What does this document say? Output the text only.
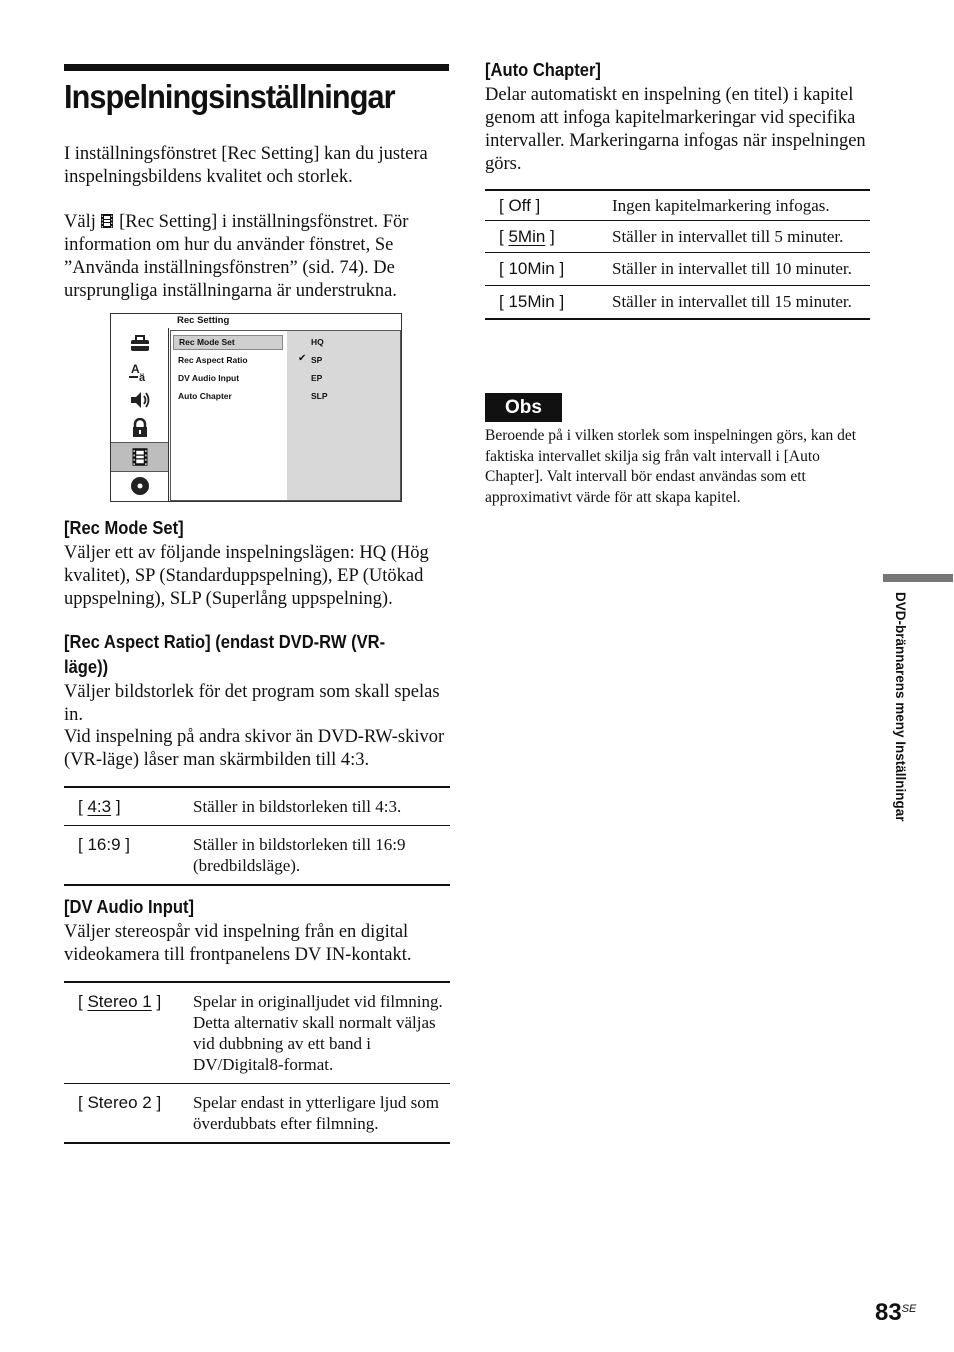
Inspelningsinställningar
I inställningsfönstret [Rec Setting] kan du justera inspelningsbildens kvalitet och storlek.
Välj [Rec Setting] i inställningsfönstret. För information om hur du använder fönstret, Se ”Använda inställningsfönstren” (sid. 74). De ursprungliga inställningarna är understrukna.
Rec Setting
A
ä
Rec Mode Set
Rec Aspect Ratio
DV Audio Input
Auto Chapter
HQ
✔ SP
EP
SLP
[Rec Mode Set]
Väljer ett av följande inspelningslägen: HQ (Hög kvalitet), SP (Standarduppspelning), EP (Utökad uppspelning), SLP (Superlång uppspelning).
[Rec Aspect Ratio] (endast DVD-RW (VR-läge))
Väljer bildstorlek för det program som skall spelas in.
Vid inspelning på andra skivor än DVD-RW-skivor (VR-läge) låser man skärmbilden till 4:3.
[ 4:3 ]	Ställer in bildstorleken till 4:3.
[ 16:9 ]	Ställer in bildstorleken till 16:9 (bredbildsläge).
[DV Audio Input]
Väljer stereospår vid inspelning från en digital videokamera till frontpanelens DV IN-kontakt.
[ Stereo 1 ]	Spelar in originalljudet vid filmning. Detta alternativ skall normalt väljas vid dubbning av ett band i DV/Digital8-format.
[ Stereo 2 ]	Spelar endast in ytterligare ljud som överdubbats efter filmning.
[Auto Chapter]
Delar automatiskt en inspelning (en titel) i kapitel genom att infoga kapitelmarkeringar vid specifika intervaller. Markeringarna infogas när inspelningen görs.
[ Off ]	Ingen kapitelmarkering infogas.
[ 5Min ]	Ställer in intervallet till 5 minuter.
[ 10Min ]	Ställer in intervallet till 10 minuter.
[ 15Min ]	Ställer in intervallet till 15 minuter.
Obs
Beroende på i vilken storlek som inspelningen görs, kan det faktiska intervallet skilja sig från valt intervall i [Auto Chapter]. Valt intervall bör endast användas som ett approximativt värde för att skapa kapitel.
DVD-brännarens meny Inställningar
$83^{SE}$
